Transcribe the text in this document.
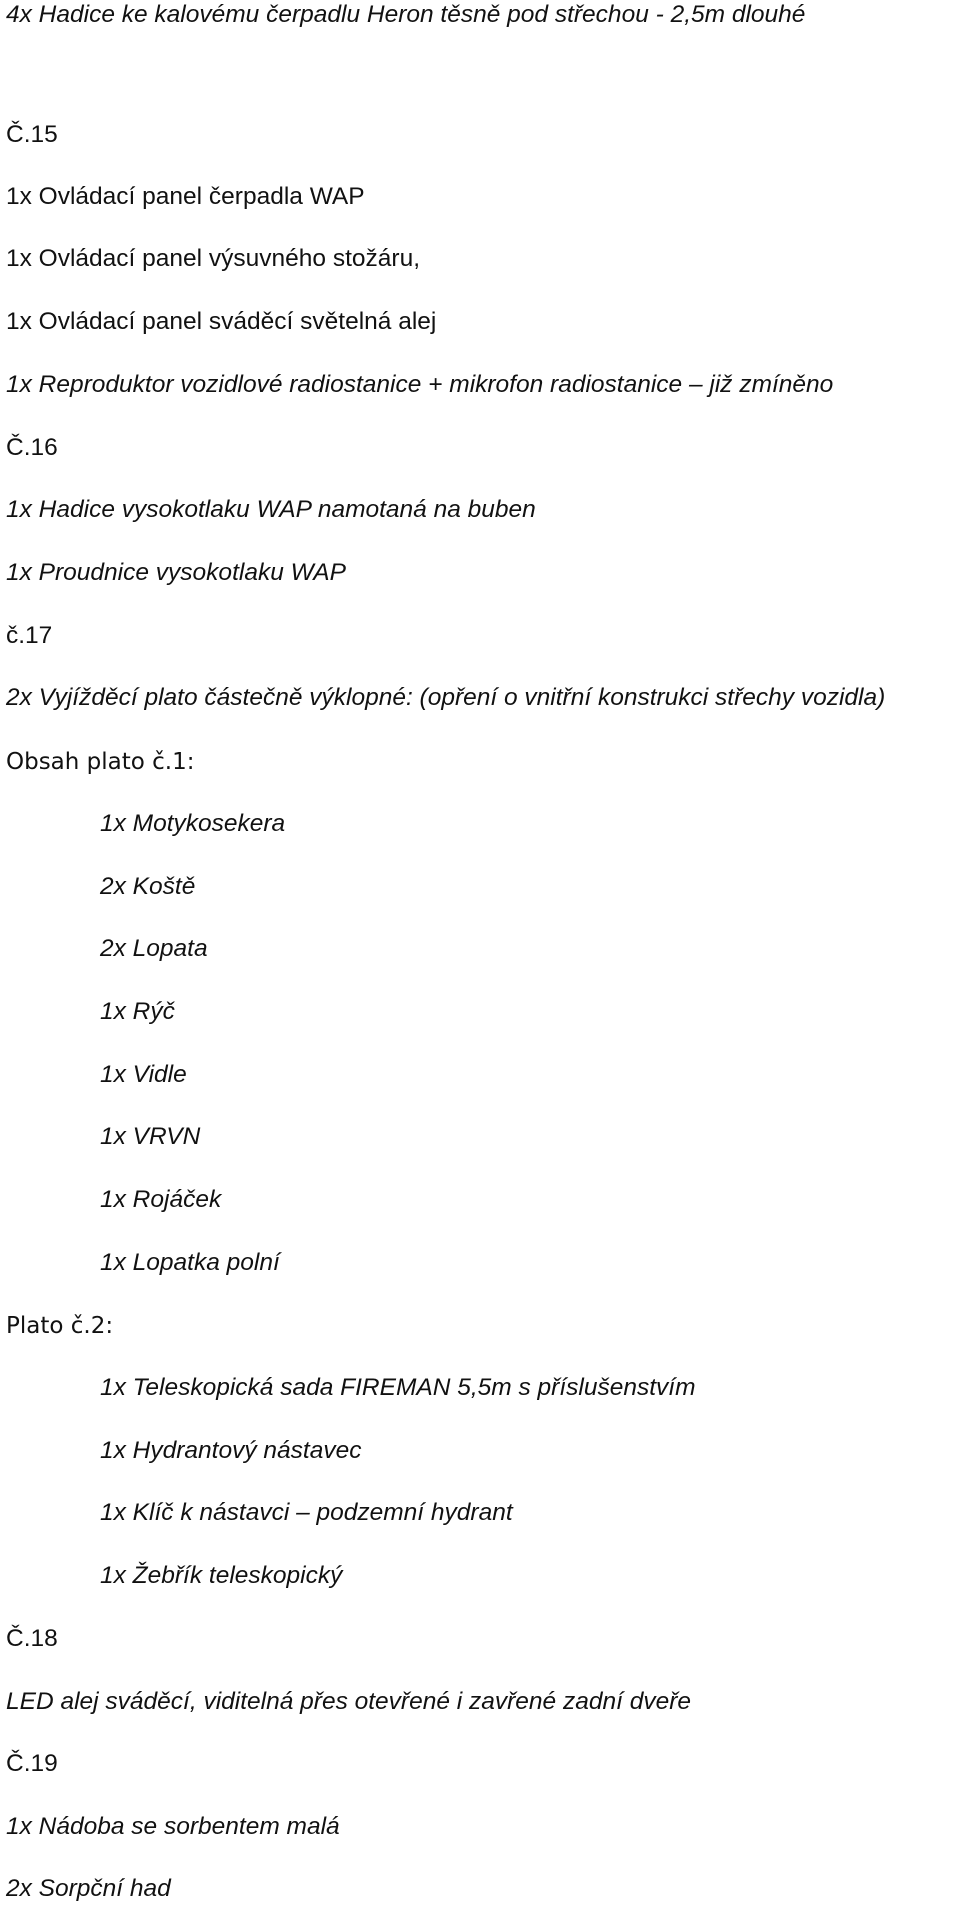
4x Hadice ke kalovému čerpadlu Heron těsně pod střechou - 2,5m dlouhé
Č.15
1x Ovládací panel čerpadla WAP
1x Ovládací panel výsuvného stožáru,
1x Ovládací panel sváděcí světelná alej
1x Reproduktor vozidlové radiostanice + mikrofon radiostanice – již zmíněno
Č.16
1x Hadice vysokotlaku WAP namotaná na buben
1x Proudnice vysokotlaku WAP
č.17
2x Vyjížděcí plato částečně výklopné: (opření o vnitřní konstrukci střechy vozidla)
Obsah plato č.1:
1x Motykosekera
2x Koště
2x Lopata
1x Rýč
1x Vidle
1x VRVN
1x Rojáček
1x Lopatka polní
Plato č.2:
1x Teleskopická sada FIREMAN 5,5m s příslušenstvím
1x Hydrantový nástavec
1x Klíč k nástavci – podzemní hydrant
1x Žebřík teleskopický
Č.18
LED alej sváděcí, viditelná přes otevřené i zavřené zadní dveře
Č.19
1x Nádoba se sorbentem malá
2x Sorpční had
